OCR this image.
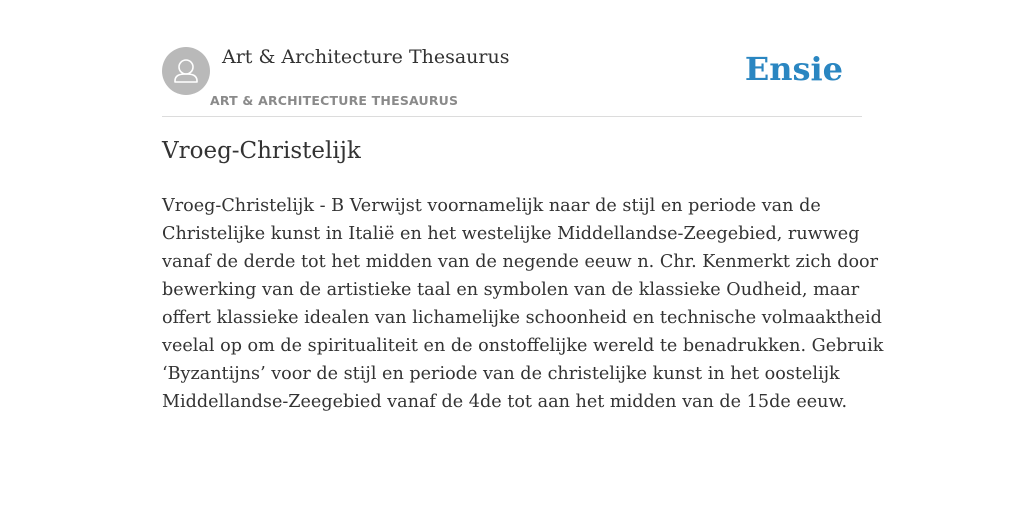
Art & Architecture Thesaurus
ART & ARCHITECTURE THESAURUS
Ensie
Vroeg-Christelijk

Vroeg-Christelijk - B Verwijst voornamelijk naar de stijl en periode van de
Christelijke kunst in Italië en het westelijke Middellandse-Zeegebied, ruwweg
vanaf de derde tot het midden van de negende eeuw n. Chr. Kenmerkt zich door
bewerking van de artistieke taal en symbolen van de klassieke Oudheid, maar
offert klassieke idealen van lichamelijke schoonheid en technische volmaaktheid
veelal op om de spiritualiteit en de onstoffelijke wereld te benadrukken. Gebruik
‘Byzantijns’ voor de stijl en periode van de christelijke kunst in het oostelijk
Middellandse-Zeegebied vanaf de 4de tot aan het midden van de 15de eeuw.
